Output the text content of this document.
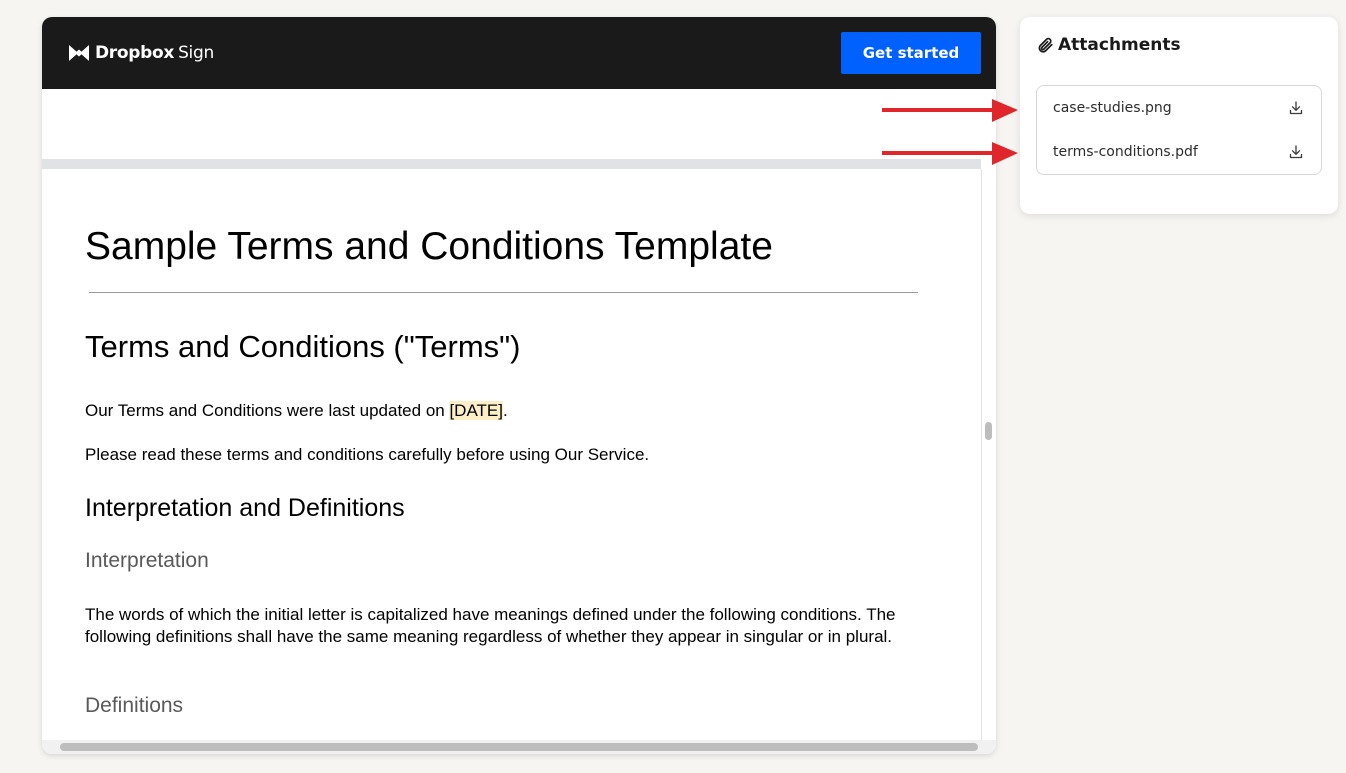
Dropbox Sign	Get started
Sample Terms and Conditions Template
Terms and Conditions ("Terms")

Our Terms and Conditions were last updated on [DATE].

Please read these terms and conditions carefully before using Our Service.

Interpretation and Definitions
Interpretation

The words of which the initial letter is capitalized have meanings defined under the following conditions. The following definitions shall have the same meaning regardless of whether they appear in singular or in plural.

Definitions
Attachments
case-studies.png
terms-conditions.pdf
